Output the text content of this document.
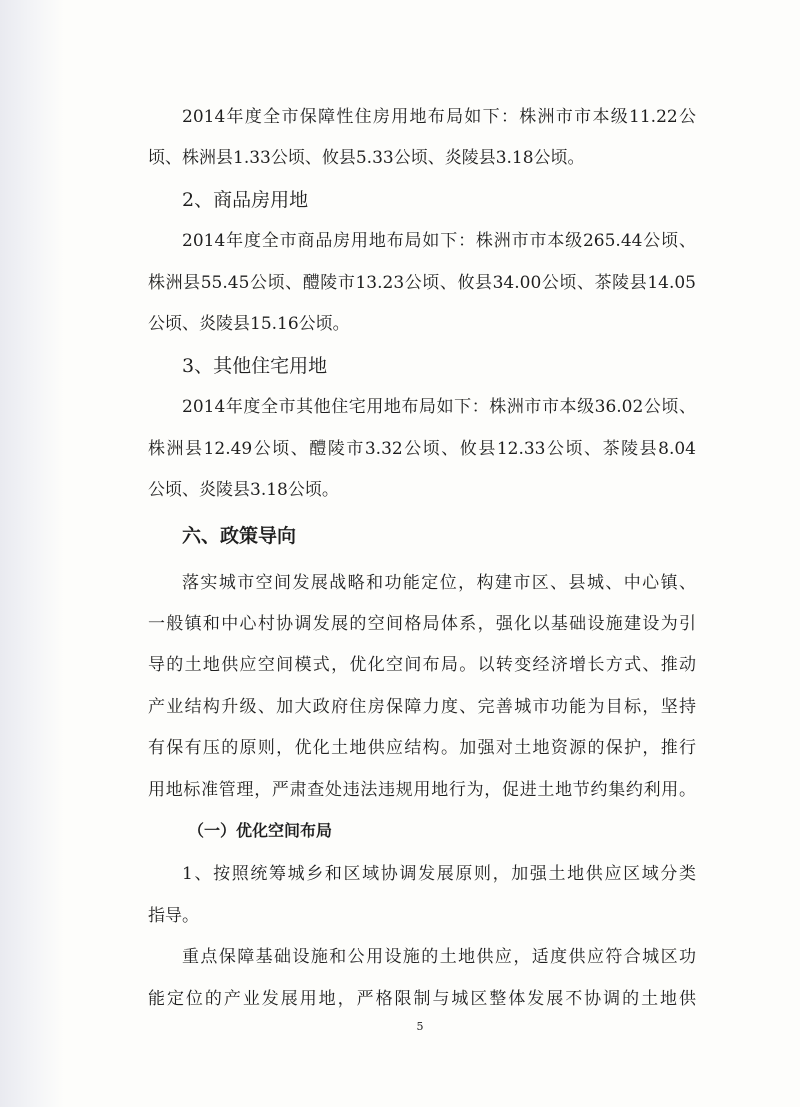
2014年度全市保障性住房用地布局如下：株洲市市本级11.22公

顷、株洲县1.33公顷、攸县5.33公顷、炎陵县3.18公顷。

2、商品房用地

2014年度全市商品房用地布局如下：株洲市市本级265.44公顷、

株洲县55.45公顷、醴陵市13.23公顷、攸县34.00公顷、茶陵县14.05

公顷、炎陵县15.16公顷。

3、其他住宅用地

2014年度全市其他住宅用地布局如下：株洲市市本级36.02公顷、

株洲县12.49公顷、醴陵市3.32公顷、攸县12.33公顷、茶陵县8.04

公顷、炎陵县3.18公顷。

六、政策导向

落实城市空间发展战略和功能定位，构建市区、县城、中心镇、

一般镇和中心村协调发展的空间格局体系，强化以基础设施建设为引

导的土地供应空间模式，优化空间布局。以转变经济增长方式、推动

产业结构升级、加大政府住房保障力度、完善城市功能为目标，坚持

有保有压的原则，优化土地供应结构。加强对土地资源的保护，推行

用地标准管理，严肃查处违法违规用地行为，促进土地节约集约利用。

（一）优化空间布局

1、按照统筹城乡和区域协调发展原则，加强土地供应区域分类

指导。

重点保障基础设施和公用设施的土地供应，适度供应符合城区功

能定位的产业发展用地，严格限制与城区整体发展不协调的土地供

5
